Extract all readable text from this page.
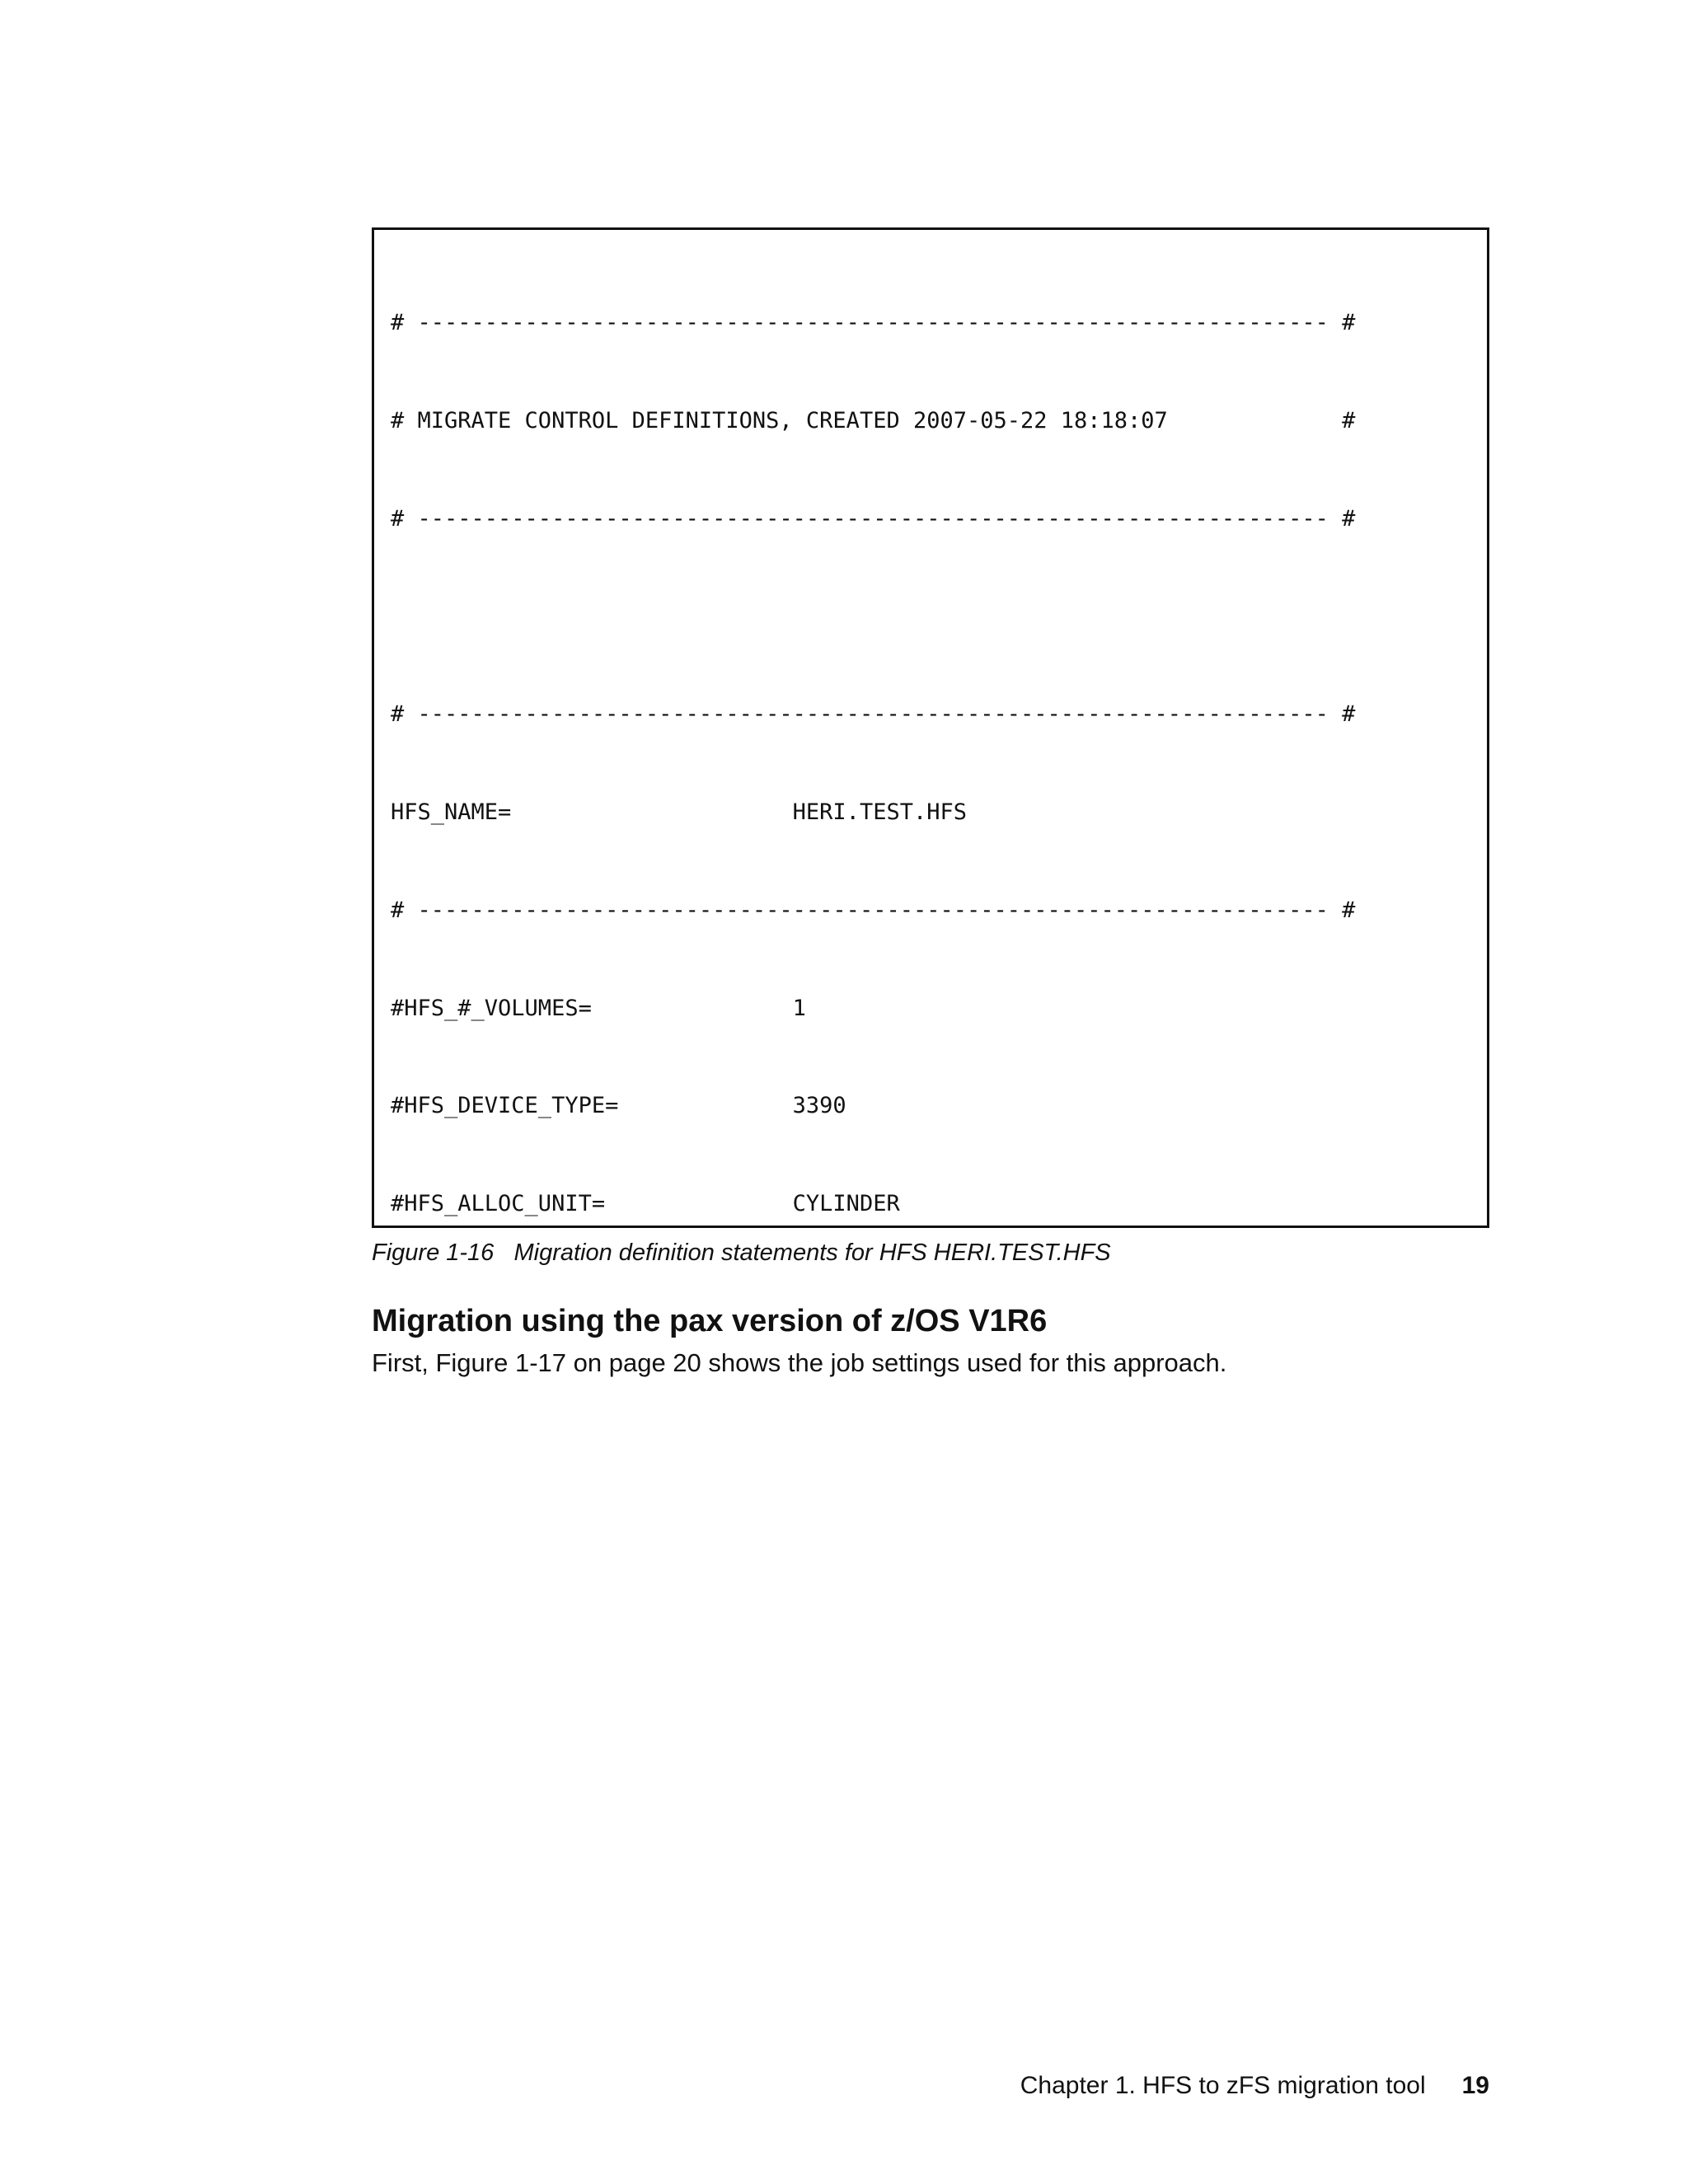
# -------------------------------------------------------------------- #

# MIGRATE CONTROL DEFINITIONS, CREATED 2007-05-22 18:18:07             #

# -------------------------------------------------------------------- #

# -------------------------------------------------------------------- #

HFS_NAME=                     HERI.TEST.HFS

# -------------------------------------------------------------------- #

#HFS_#_VOLUMES=               1

#HFS_DEVICE_TYPE=             3390

#HFS_ALLOC_UNIT=              CYLINDER

Figure 1-16   Migration definition statements for HFS HERI.TEST.HFS
Migration using the pax version of z/OS V1R6

First, Figure 1-17 on page 20 shows the job settings used for this approach.

Chapter 1. HFS to zFS migration tool 19
